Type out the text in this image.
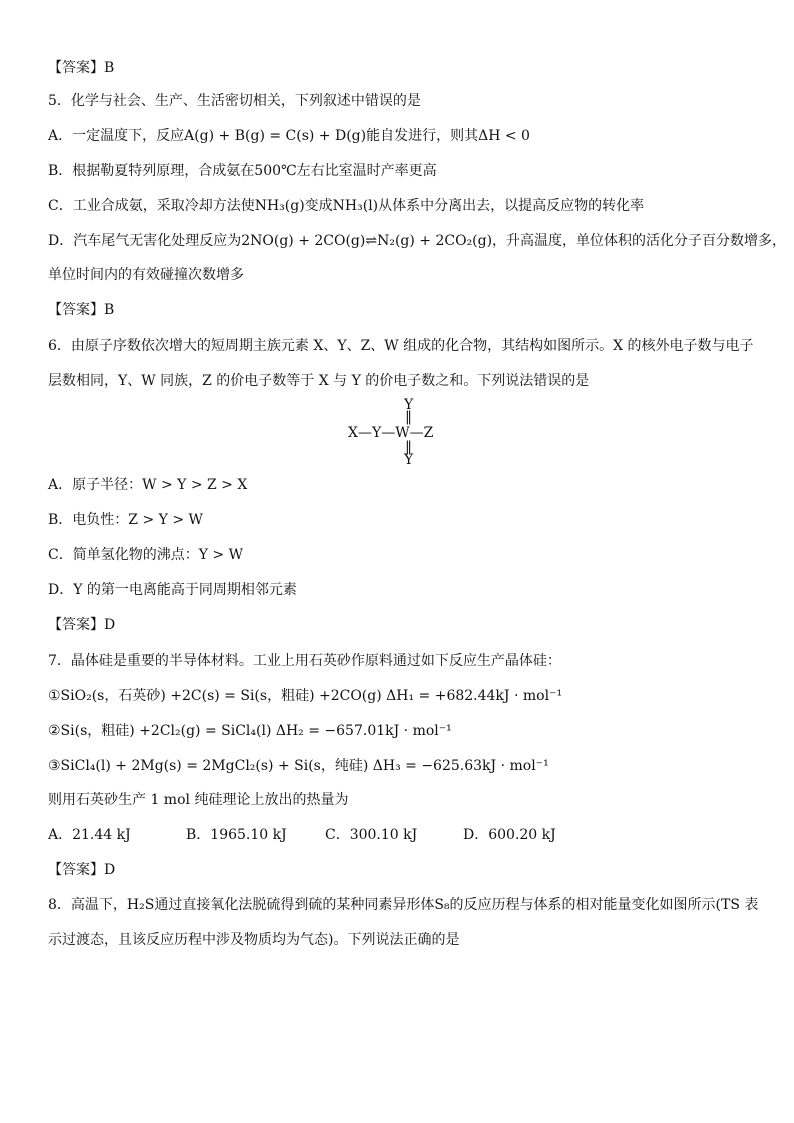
【答案】B
5．化学与社会、生产、生活密切相关，下列叙述中错误的是
A．一定温度下，反应A(g) + B(g) = C(s) + D(g)能自发进行，则其ΔH < 0
B．根据勒夏特列原理，合成氨在500℃左右比室温时产率更高
C．工业合成氨，采取冷却方法使NH₃(g)变成NH₃(l)从体系中分离出去，以提高反应物的转化率
D．汽车尾气无害化处理反应为2NO(g) + 2CO(g)⇌N₂(g) + 2CO₂(g)，升高温度，单位体积的活化分子百分数增多，
单位时间内的有效碰撞次数增多
【答案】B
6．由原子序数依次增大的短周期主族元素 X、Y、Z、W 组成的化合物，其结构如图所示。X 的核外电子数与电子
层数相同，Y、W 同族，Z 的价电子数等于 X 与 Y 的价电子数之和。下列说法错误的是
Y
‖
X—Y—W—Z
‖
Y
A．原子半径：W > Y > Z > X
B．电负性：Z > Y > W
C．简单氢化物的沸点：Y > W
D．Y 的第一电离能高于同周期相邻元素
【答案】D
7．晶体硅是重要的半导体材料。工业上用石英砂作原料通过如下反应生产晶体硅：
①SiO₂(s，石英砂) +2C(s) = Si(s，粗硅) +2CO(g) ΔH₁ = +682.44kJ · mol⁻¹
②Si(s，粗硅) +2Cl₂(g) = SiCl₄(l) ΔH₂ = −657.01kJ · mol⁻¹
③SiCl₄(l) + 2Mg(s) = 2MgCl₂(s) + Si(s，纯硅) ΔH₃ = −625.63kJ · mol⁻¹
则用石英砂生产 1 mol 纯硅理论上放出的热量为
A．21.44 kJ	B．1965.10 kJ	C．300.10 kJ	D．600.20 kJ
【答案】D
8．高温下，H₂S通过直接氧化法脱硫得到硫的某种同素异形体S₈的反应历程与体系的相对能量变化如图所示(TS 表
示过渡态，且该反应历程中涉及物质均为气态)。下列说法正确的是
